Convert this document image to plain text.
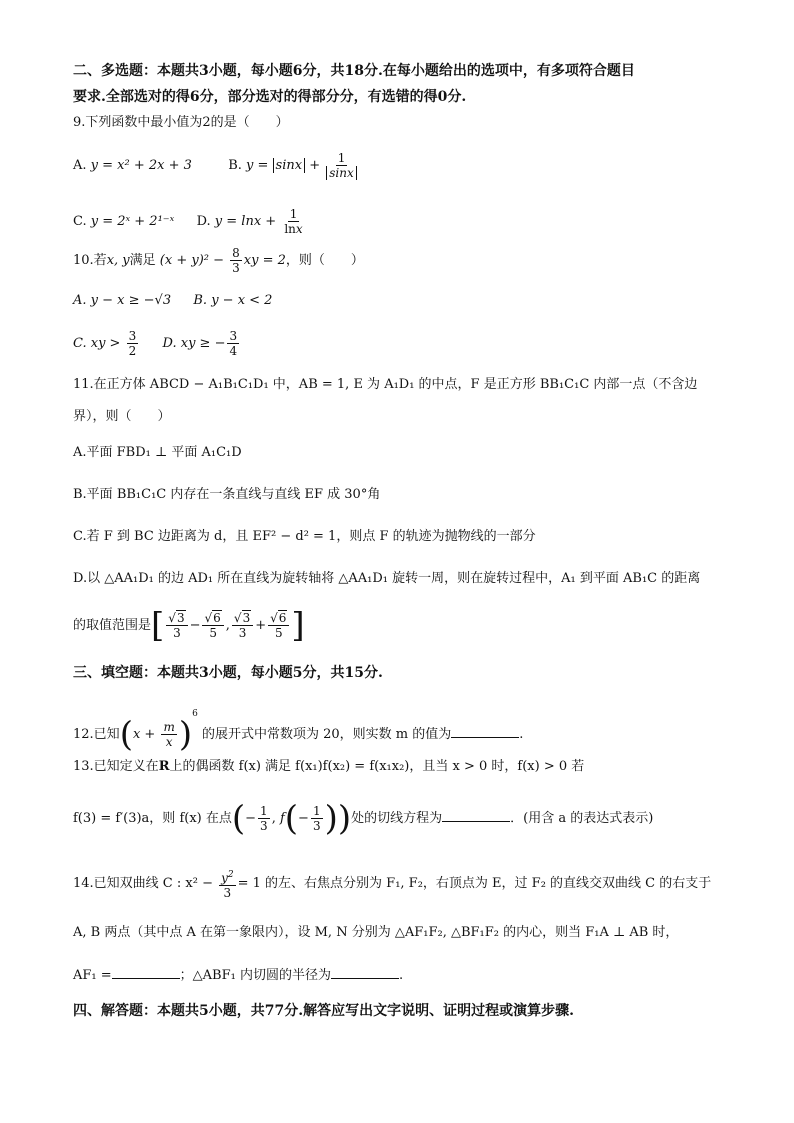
二、多选题：本题共3小题，每小题6分，共18分.在每小题给出的选项中，有多项符合题目
要求.全部选对的得6分，部分选对的得部分分，有选错的得0分.
9.下列函数中最小值为2的是（　　）
A. y = x² + 2x + 3	B. $y = \sin x + \frac{1}{\sin x}$
C. y = 2ˣ + 2¹⁻ˣ D. $y = \ln x + \frac{1}{\ln x}$
10.若x, y满足 $(x + y)^2 - \frac{8}{3}$ xy = 2，则（　　）
A. y − x ≥ −√3 B. y − x < 2
C. xy > $\frac{3}{2} D$. xy ≥ − $\frac{3}{4}$
11.在正方体 ABCD − A₁B₁C₁D₁ 中，AB = 1, E 为 A₁D₁ 的中点，F 是正方形 BB₁C₁C 内部一点（不含边
界），则（　　）
A.平面 FBD₁ ⊥ 平面 A₁C₁D
B.平面 BB₁C₁C 内存在一条直线与直线 EF 成 30°角
C.若 F 到 BC 边距离为 d，且 EF² − d² = 1，则点 F 的轨迹为抛物线的一部分
D.以 △AA₁D₁ 的边 AD₁ 所在直线为旋转轴将 △AA₁D₁ 旋转一周，则在旋转过程中，A₁ 到平面 AB₁C 的距离
的取值范围是[ $\frac{√3}{3} - \frac{√6}{5}$ , $\frac{√3}{3} + \frac{√6}{5}$ ]
三、填空题：本题共3小题，每小题5分，共15分.
12.已知$(x + \frac{m}{x} )^6$ 的展开式中常数项为 20，则实数 m 的值为	.
13.已知定义在R上的偶函数 f(x) 满足 f(x₁)f(x₂) = f(x₁x₂)，且当 x > 0 时，f(x) > 0 若
f(3) = f′(3)a，则 f(x) 在点(− $\frac{1}{3}$ , $f(- \frac{1}{3}$ ))处的切线方程为	．(用含 a 的表达式表示)
14.已知双曲线 C : $x^2 - \frac{y^2}{3} = 1$ 的左、右焦点分别为 F₁, F₂，右顶点为 E，过 F₂ 的直线交双曲线 C 的右支于
A, B 两点（其中点 A 在第一象限内），设 M, N 分别为 △AF₁F₂, △BF₁F₂ 的内心，则当 F₁A ⊥ AB 时，
AF₁ =	；△ABF₁ 内切圆的半径为	.
四、解答题：本题共5小题，共77分.解答应写出文字说明、证明过程或演算步骤.
